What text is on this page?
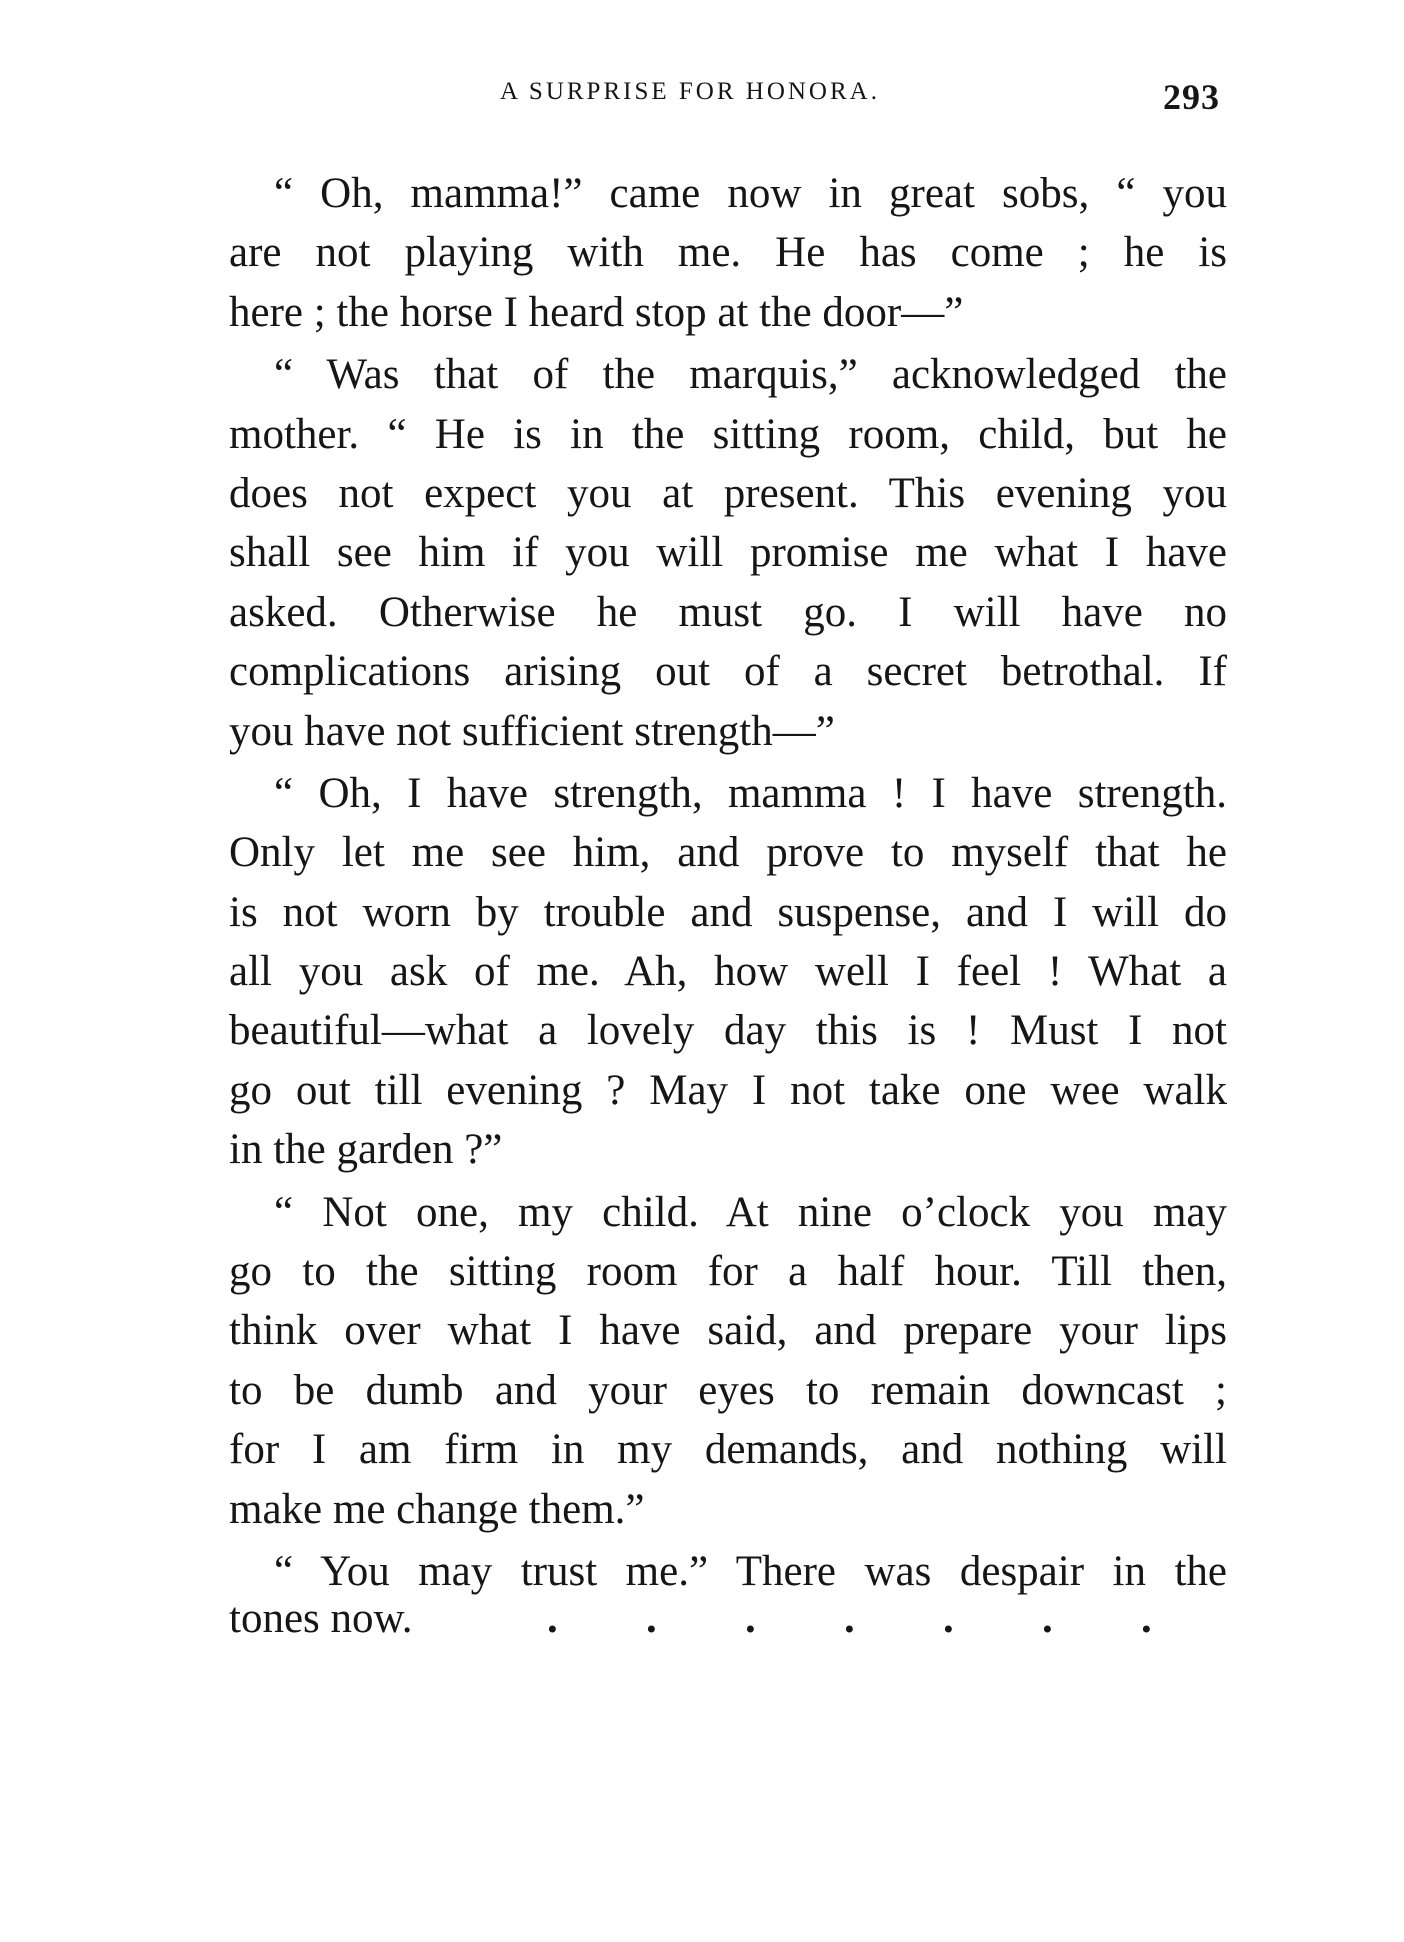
A SURPRISE FOR HONORA.	293
“ Oh, mamma!” came now in great sobs, “ you
are not playing with me. He has come ; he is
here ; the horse I heard stop at the door—”
“ Was that of the marquis,” acknowledged the
mother. “ He is in the sitting room, child, but he
does not expect you at present. This evening you
shall see him if you will promise me what I have
asked. Otherwise he must go. I will have no
complications arising out of a secret betrothal. If
you have not sufficient strength—”
“ Oh, I have strength, mamma ! I have strength.
Only let me see him, and prove to myself that he
is not worn by trouble and suspense, and I will do
all you ask of me. Ah, how well I feel ! What a
beautiful—what a lovely day this is ! Must I not
go out till evening ? May I not take one wee walk
in the garden ?”
“ Not one, my child. At nine o’clock you may
go to the sitting room for a half hour. Till then,
think over what I have said, and prepare your lips
to be dumb and your eyes to remain downcast ;
for I am firm in my demands, and nothing will
make me change them.”
“ You may trust me.” There was despair in the
tones now.	. . . . . . .
